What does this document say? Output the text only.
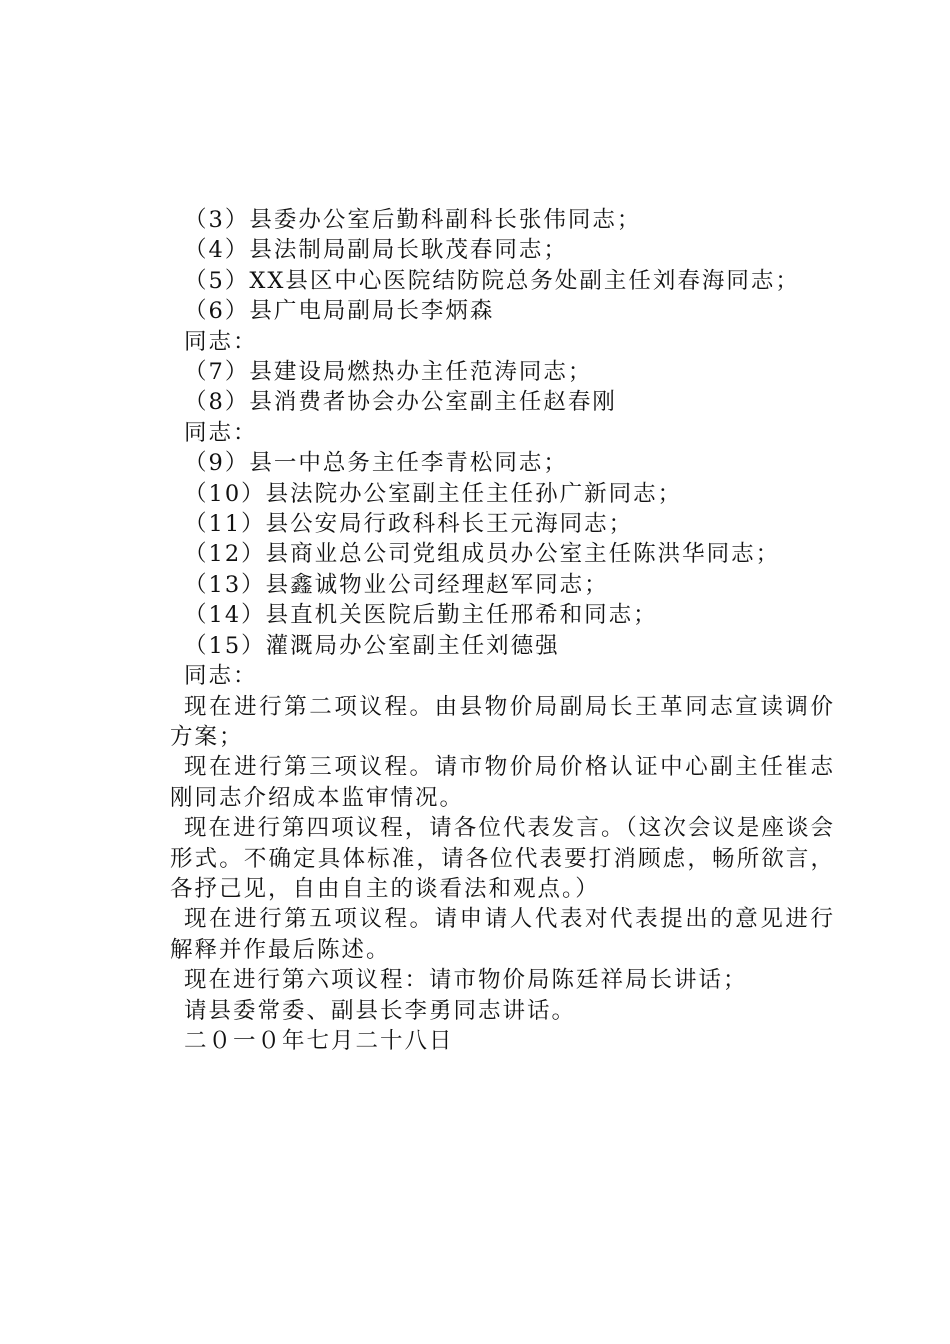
（3）县委办公室后勤科副科长张伟同志；

（4）县法制局副局长耿茂春同志；

（5）XX县区中心医院结防院总务处副主任刘春海同志；

（6）县广电局副局长李炳森

同志：

（7）县建设局燃热办主任范涛同志；

（8）县消费者协会办公室副主任赵春刚

同志：

（9）县一中总务主任李青松同志；

（10）县法院办公室副主任主任孙广新同志；

（11）县公安局行政科科长王元海同志；

（12）县商业总公司党组成员办公室主任陈洪华同志；

（13）县鑫诚物业公司经理赵军同志；

（14）县直机关医院后勤主任邢希和同志；

（15）灌溉局办公室副主任刘德强

同志：

现在进行第二项议程。由县物价局副局长王革同志宣读调价方案；

现在进行第三项议程。请市物价局价格认证中心副主任崔志刚同志介绍成本监审情况。

现在进行第四项议程，请各位代表发言。（这次会议是座谈会形式。不确定具体标准，请各位代表要打消顾虑，畅所欲言，各抒己见，自由自主的谈看法和观点。）

现在进行第五项议程。请申请人代表对代表提出的意见进行解释并作最后陈述。

现在进行第六项议程：请市物价局陈廷祥局长讲话；

请县委常委、副县长李勇同志讲话。

二０一０年七月二十八日
